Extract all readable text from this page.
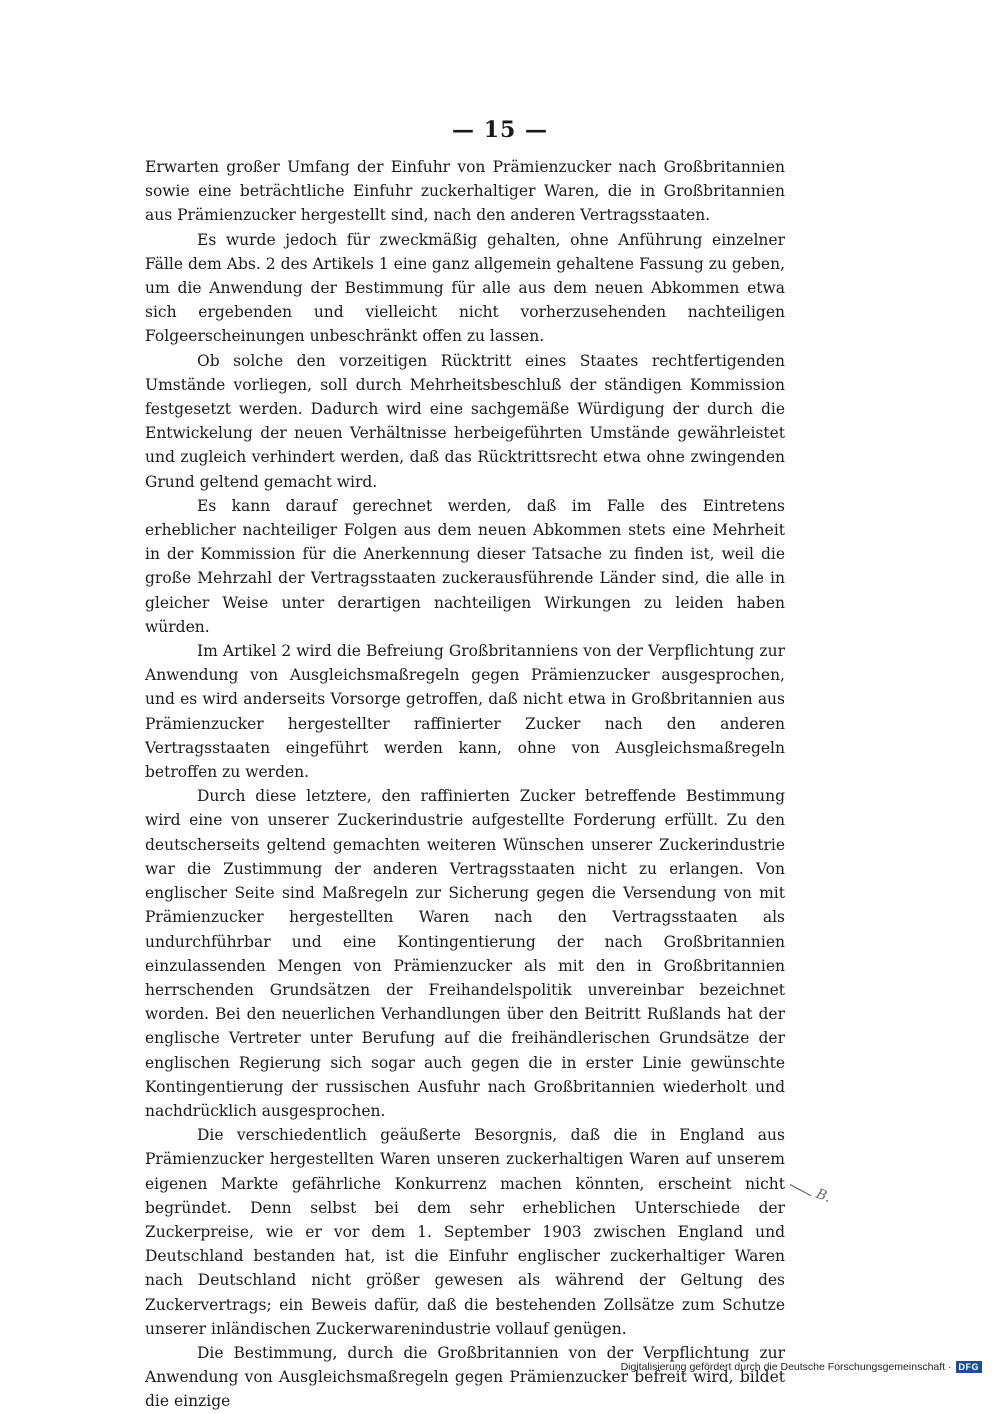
— 15 —

Erwarten großer Umfang der Einfuhr von Prämienzucker nach Großbritannien sowie eine beträchtliche Einfuhr zuckerhaltiger Waren, die in Großbritannien aus Prämienzucker hergestellt sind, nach den anderen Vertragsstaaten.

Es wurde jedoch für zweckmäßig gehalten, ohne Anführung einzelner Fälle dem Abs. 2 des Artikels 1 eine ganz allgemein gehaltene Fassung zu geben, um die Anwendung der Bestimmung für alle aus dem neuen Abkommen etwa sich ergebenden und vielleicht nicht vorherzusehenden nachteiligen Folgeerscheinungen unbeschränkt offen zu lassen.

Ob solche den vorzeitigen Rücktritt eines Staates rechtfertigenden Umstände vorliegen, soll durch Mehrheitsbeschluß der ständigen Kommission festgesetzt werden. Dadurch wird eine sachgemäße Würdigung der durch die Entwickelung der neuen Verhältnisse herbeigeführten Umstände gewährleistet und zugleich verhindert werden, daß das Rücktrittsrecht etwa ohne zwingenden Grund geltend gemacht wird.

Es kann darauf gerechnet werden, daß im Falle des Eintretens erheblicher nachteiliger Folgen aus dem neuen Abkommen stets eine Mehrheit in der Kommission für die Anerkennung dieser Tatsache zu finden ist, weil die große Mehrzahl der Vertragsstaaten zuckerausführende Länder sind, die alle in gleicher Weise unter derartigen nachteiligen Wirkungen zu leiden haben würden.

Im Artikel 2 wird die Befreiung Großbritanniens von der Verpflichtung zur Anwendung von Ausgleichsmaßregeln gegen Prämienzucker ausgesprochen, und es wird anderseits Vorsorge getroffen, daß nicht etwa in Großbritannien aus Prämienzucker hergestellter raffinierter Zucker nach den anderen Vertragsstaaten eingeführt werden kann, ohne von Ausgleichsmaßregeln betroffen zu werden.

Durch diese letztere, den raffinierten Zucker betreffende Bestimmung wird eine von unserer Zuckerindustrie aufgestellte Forderung erfüllt. Zu den deutscherseits geltend gemachten weiteren Wünschen unserer Zuckerindustrie war die Zustimmung der anderen Vertragsstaaten nicht zu erlangen. Von englischer Seite sind Maßregeln zur Sicherung gegen die Versendung von mit Prämienzucker hergestellten Waren nach den Vertragsstaaten als undurchführbar und eine Kontingentierung der nach Großbritannien einzulassenden Mengen von Prämienzucker als mit den in Großbritannien herrschenden Grundsätzen der Freihandelspolitik unvereinbar bezeichnet worden. Bei den neuerlichen Verhandlungen über den Beitritt Rußlands hat der englische Vertreter unter Berufung auf die freihändlerischen Grundsätze der englischen Regierung sich sogar auch gegen die in erster Linie gewünschte Kontingentierung der russischen Ausfuhr nach Großbritannien wiederholt und nachdrücklich ausgesprochen.

Die verschiedentlich geäußerte Besorgnis, daß die in England aus Prämienzucker hergestellten Waren unseren zuckerhaltigen Waren auf unserem eigenen Markte gefährliche Konkurrenz machen könnten, erscheint nicht begründet. Denn selbst bei dem sehr erheblichen Unterschiede der Zuckerpreise, wie er vor dem 1. September 1903 zwischen England und Deutschland bestanden hat, ist die Einfuhr englischer zuckerhaltiger Waren nach Deutschland nicht größer gewesen als während der Geltung des Zuckervertrags; ein Beweis dafür, daß die bestehenden Zollsätze zum Schutze unserer inländischen Zuckerwarenindustrie vollauf genügen.

Die Bestimmung, durch die Großbritannien von der Verpflichtung zur Anwendung von Ausgleichsmaßregeln gegen Prämienzucker befreit wird, bildet die einzige

B.
Digitalisierung gefördert durch die Deutsche Forschungsgemeinschaft · DFG
